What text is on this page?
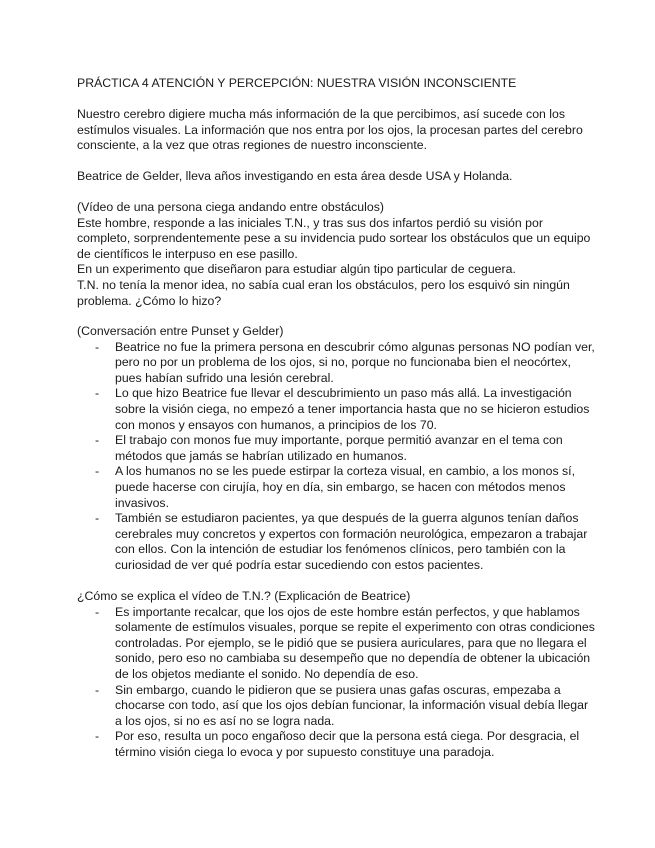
PRÁCTICA 4 ATENCIÓN Y PERCEPCIÓN: NUESTRA VISIÓN INCONSCIENTE

Nuestro cerebro digiere mucha más información de la que percibimos, así sucede con los estímulos visuales. La información que nos entra por los ojos, la procesan partes del cerebro consciente, a la vez que otras regiones de nuestro inconsciente.

Beatrice de Gelder, lleva años investigando en esta área desde USA y Holanda.

(Vídeo de una persona ciega andando entre obstáculos)

Este hombre, responde a las iniciales T.N., y tras sus dos infartos perdió su visión por completo, sorprendentemente pese a su invidencia pudo sortear los obstáculos que un equipo de científicos le interpuso en ese pasillo.

En un experimento que diseñaron para estudiar algún tipo particular de ceguera.

T.N. no tenía la menor idea, no sabía cual eran los obstáculos, pero los esquivó sin ningún problema. ¿Cómo lo hizo?

(Conversación entre Punset y Gelder)

- Beatrice no fue la primera persona en descubrir cómo algunas personas NO podían ver, pero no por un problema de los ojos, si no, porque no funcionaba bien el neocórtex, pues habían sufrido una lesión cerebral.
- Lo que hizo Beatrice fue llevar el descubrimiento un paso más allá. La investigación sobre la visión ciega, no empezó a tener importancia hasta que no se hicieron estudios con monos y ensayos con humanos, a principios de los 70.
- El trabajo con monos fue muy importante, porque permitió avanzar en el tema con métodos que jamás se habrían utilizado en humanos.
- A los humanos no se les puede estirpar la corteza visual, en cambio, a los monos sí, puede hacerse con cirujía, hoy en día, sin embargo, se hacen con métodos menos invasivos.
- También se estudiaron pacientes, ya que después de la guerra algunos tenían daños cerebrales muy concretos y expertos con formación neurológica, empezaron a trabajar con ellos. Con la intención de estudiar los fenómenos clínicos, pero también con la curiosidad de ver qué podría estar sucediendo con estos pacientes.

¿Cómo se explica el vídeo de T.N.? (Explicación de Beatrice)

- Es importante recalcar, que los ojos de este hombre están perfectos, y que hablamos solamente de estímulos visuales, porque se repite el experimento con otras condiciones controladas. Por ejemplo, se le pidió que se pusiera auriculares, para que no llegara el sonido, pero eso no cambiaba su desempeño que no dependía de obtener la ubicación de los objetos mediante el sonido. No dependía de eso.
- Sin embargo, cuando le pidieron que se pusiera unas gafas oscuras, empezaba a chocarse con todo, así que los ojos debían funcionar, la información visual debía llegar a los ojos, si no es así no se logra nada.
- Por eso, resulta un poco engañoso decir que la persona está ciega. Por desgracia, el término visión ciega lo evoca y por supuesto constituye una paradoja.
